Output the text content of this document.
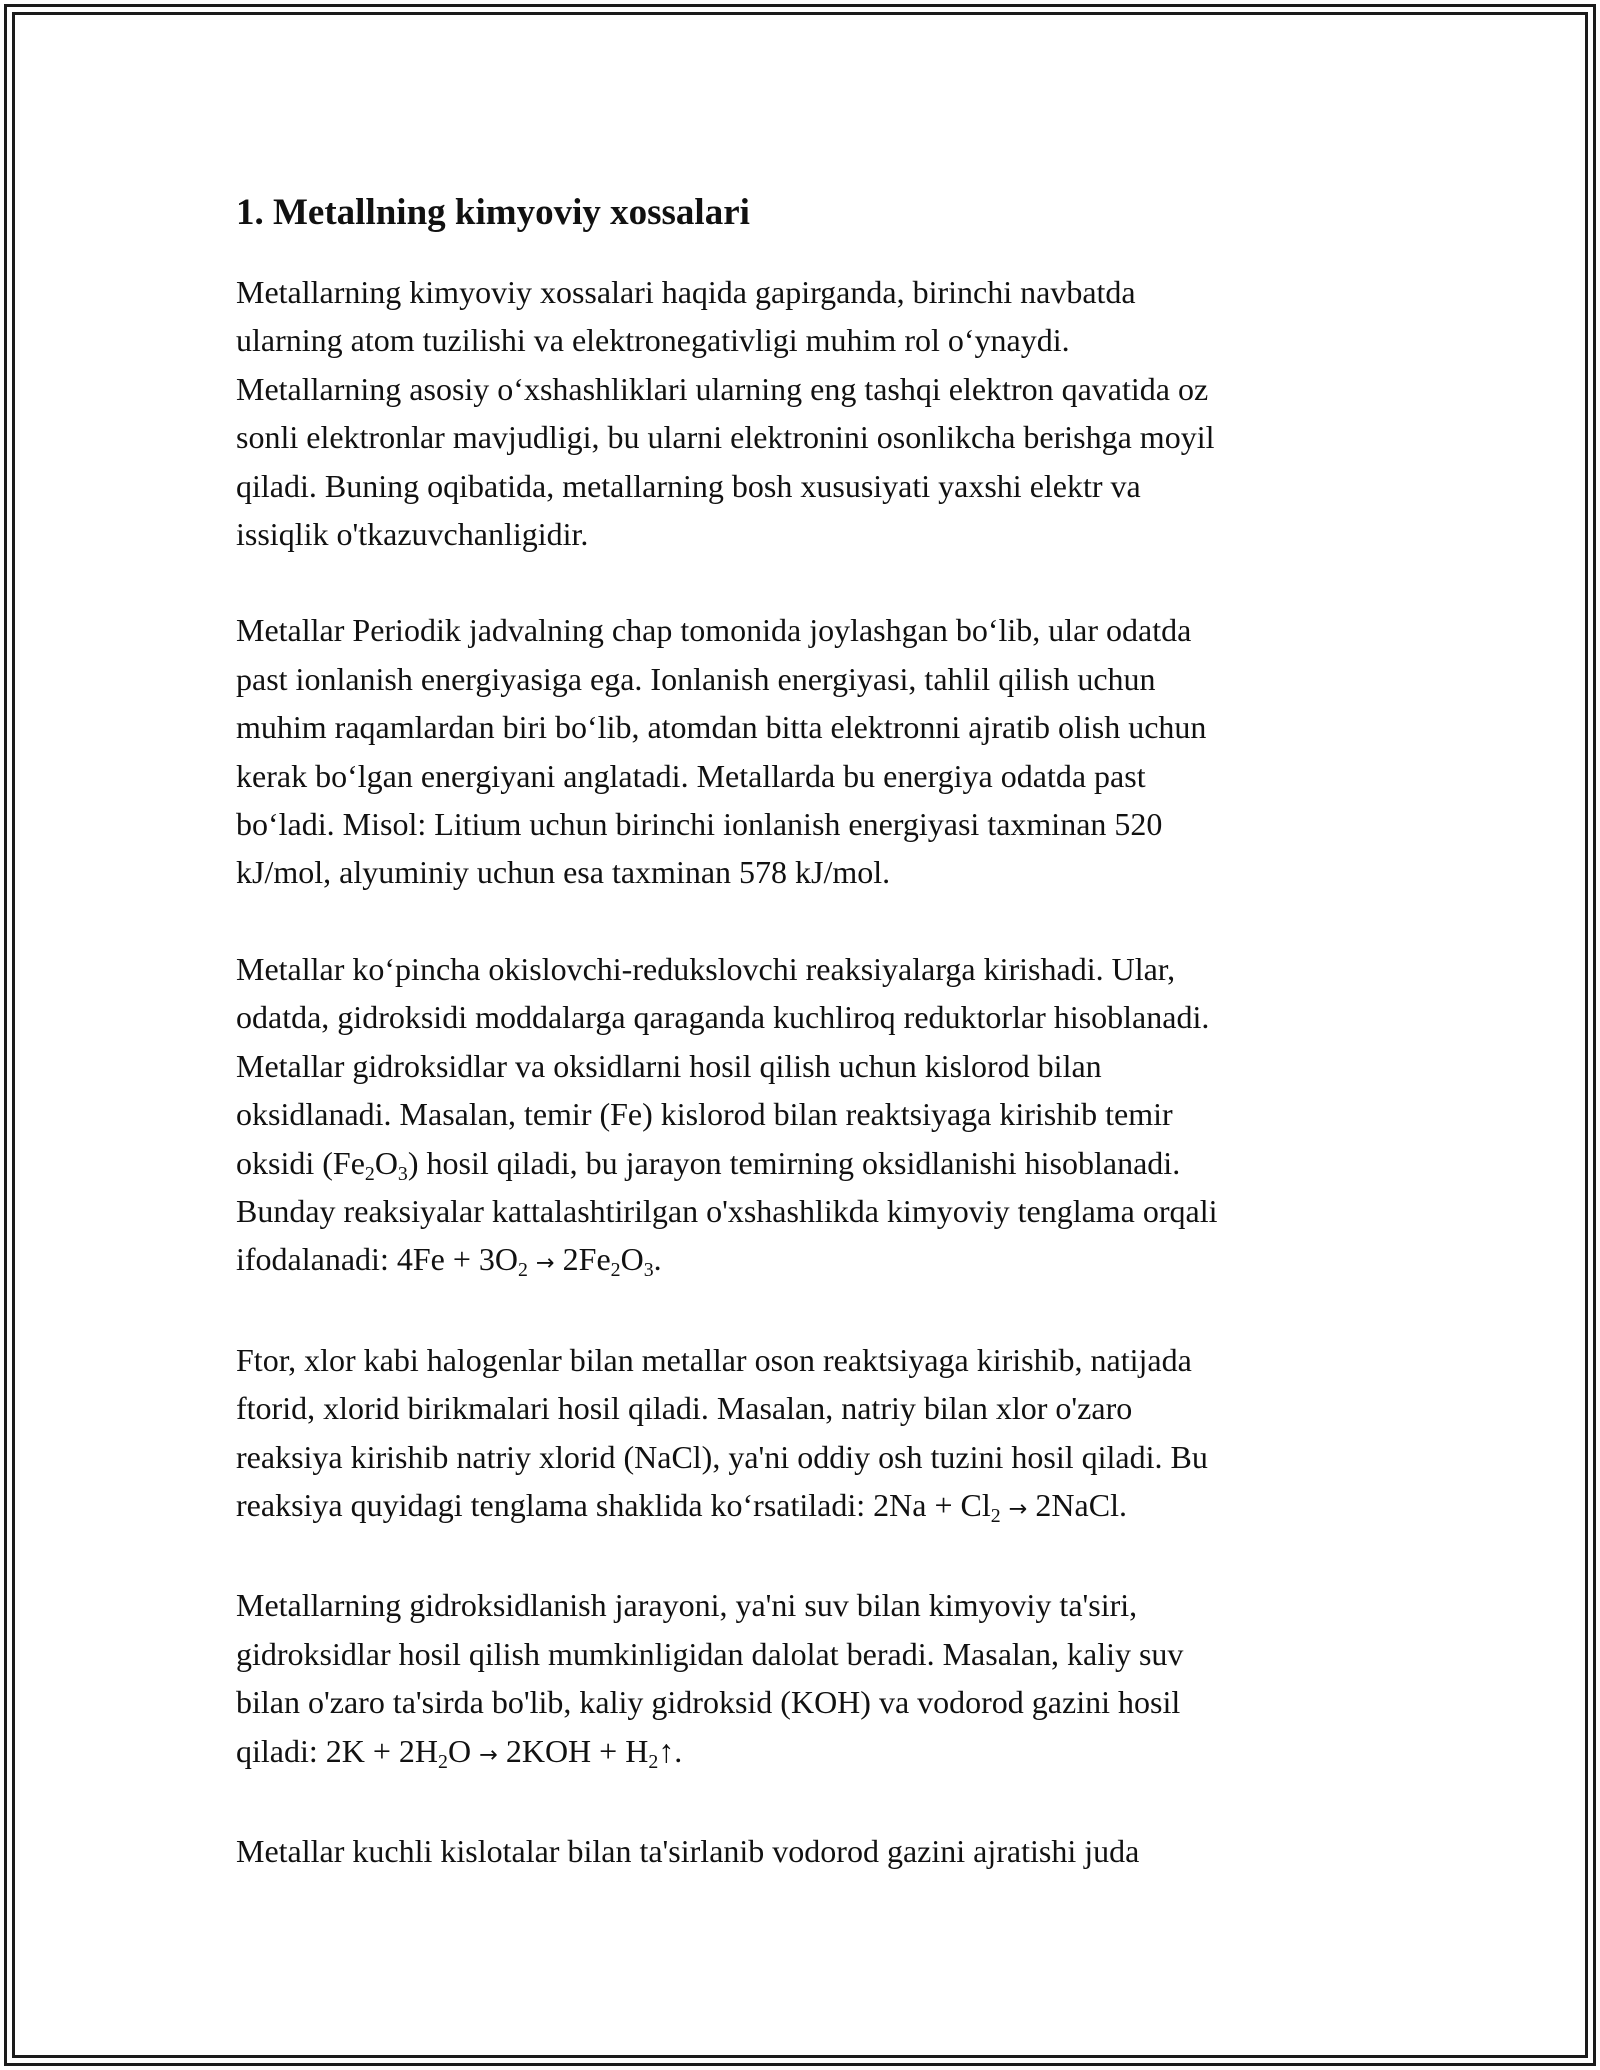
1. Metallning kimyoviy xossalari

Metallarning kimyoviy xossalari haqida gapirganda, birinchi navbatda
ularning atom tuzilishi va elektronegativligi muhim rol o‘ynaydi.
Metallarning asosiy o‘xshashliklari ularning eng tashqi elektron qavatida oz
sonli elektronlar mavjudligi, bu ularni elektronini osonlikcha berishga moyil
qiladi. Buning oqibatida, metallarning bosh xususiyati yaxshi elektr va
issiqlik o'tkazuvchanligidir.

Metallar Periodik jadvalning chap tomonida joylashgan bo‘lib, ular odatda
past ionlanish energiyasiga ega. Ionlanish energiyasi, tahlil qilish uchun
muhim raqamlardan biri bo‘lib, atomdan bitta elektronni ajratib olish uchun
kerak bo‘lgan energiyani anglatadi. Metallarda bu energiya odatda past
bo‘ladi. Misol: Litium uchun birinchi ionlanish energiyasi taxminan 520
kJ/mol, alyuminiy uchun esa taxminan 578 kJ/mol.

Metallar ko‘pincha okislovchi-redukslovchi reaksiyalarga kirishadi. Ular,
odatda, gidroksidi moddalarga qaraganda kuchliroq reduktorlar hisoblanadi.
Metallar gidroksidlar va oksidlarni hosil qilish uchun kislorod bilan
oksidlanadi. Masalan, temir (Fe) kislorod bilan reaktsiyaga kirishib temir
oksidi $(Fe_2O_3)$ hosil qiladi, bu jarayon temirning oksidlanishi hisoblanadi.
Bunday reaksiyalar kattalashtirilgan o'xshashlikda kimyoviy tenglama orqali
ifodalanadi: $4Fe + 3O_2 \to 2Fe_2O_3$.

Ftor, xlor kabi halogenlar bilan metallar oson reaktsiyaga kirishib, natijada
ftorid, xlorid birikmalari hosil qiladi. Masalan, natriy bilan xlor o'zaro
reaksiya kirishib natriy xlorid (NaCl), ya'ni oddiy osh tuzini hosil qiladi. Bu
reaksiya quyidagi tenglama shaklida ko‘rsatiladi: $2Na + Cl_2$ → 2NaCl.

Metallarning gidroksidlanish jarayoni, ya'ni suv bilan kimyoviy ta'siri,
gidroksidlar hosil qilish mumkinligidan dalolat beradi. Masalan, kaliy suv
bilan o'zaro ta'sirda bo'lib, kaliy gidroksid (KOH) va vodorod gazini hosil
qiladi: $2K + 2H_2O \to 2KOH$ + $H_2↑$.

Metallar kuchli kislotalar bilan ta'sirlanib vodorod gazini ajratishi juda
